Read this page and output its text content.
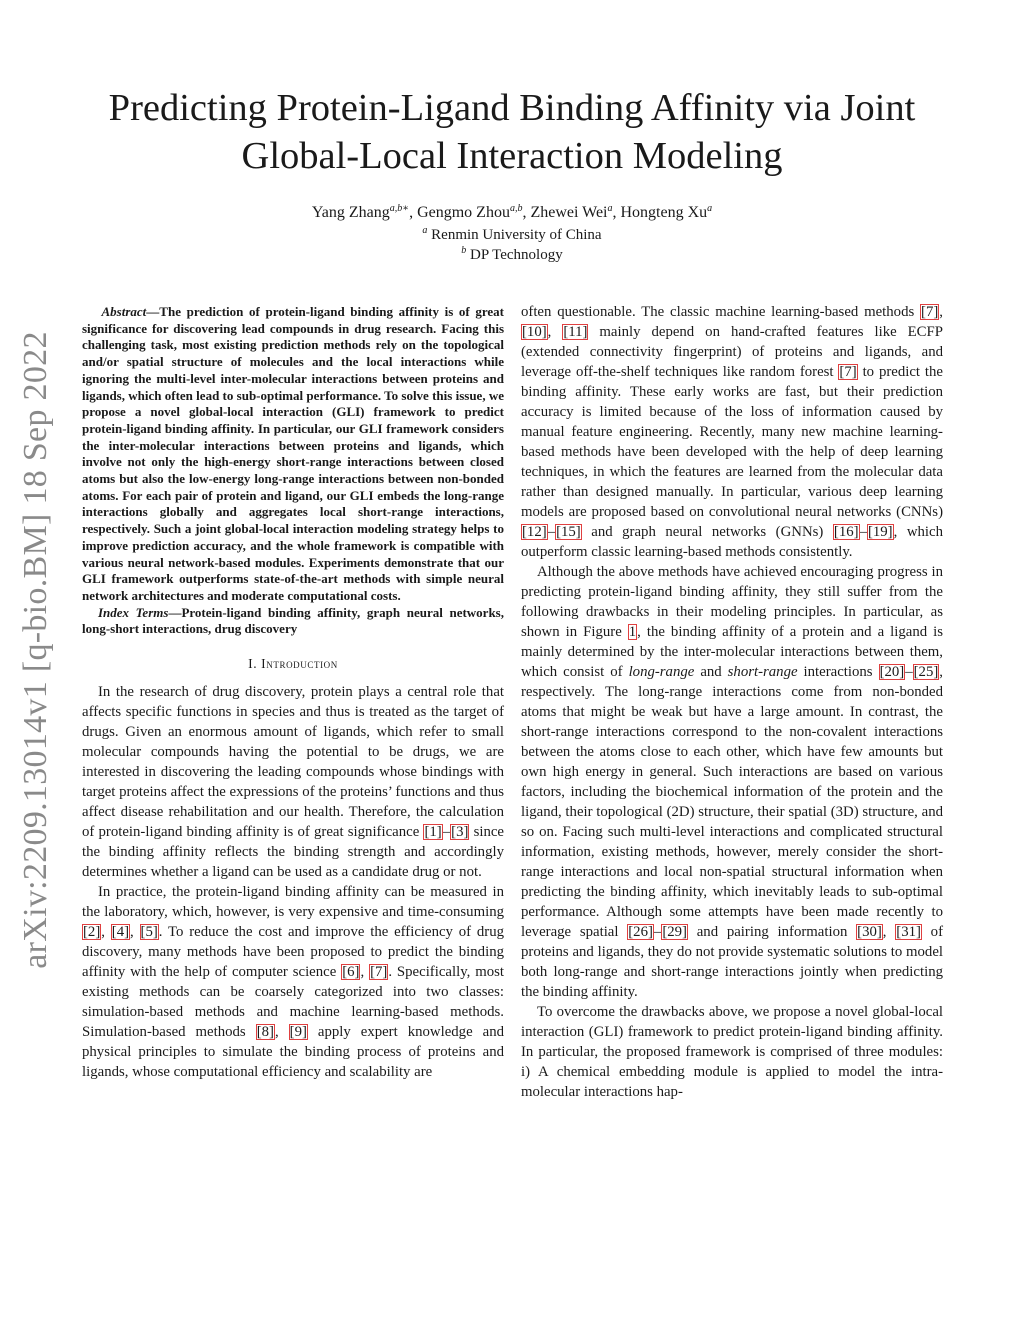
arXiv:2209.13014v1 [q-bio.BM] 18 Sep 2022
Predicting Protein-Ligand Binding Affinity via Joint
Global-Local Interaction Modeling
Yang Zhang$^{a,b∗}$, Gengmo Zhou$^{a,b}$, Zhewei Wei$^a$, Hongteng Xu$^a$
$^a$ Renmin University of China
$^b$ DP Technology

  Abstract—The prediction of protein-ligand binding affinity is of great significance for discovering lead compounds in drug research. Facing this challenging task, most existing prediction methods rely on the topological and/or spatial structure of molecules and the local interactions while ignoring the multi-level inter-molecular interactions between proteins and ligands, which often lead to sub-optimal performance. To solve this issue, we propose a novel global-local interaction (GLI) framework to predict protein-ligand binding affinity. In particular, our GLI framework considers the inter-molecular interactions between proteins and ligands, which involve not only the high-energy short-range interactions between closed atoms but also the low-energy long-range interactions between non-bonded atoms. For each pair of protein and ligand, our GLI embeds the long-range interactions globally and aggregates local short-range interactions, respectively. Such a joint global-local interaction modeling strategy helps to improve prediction accuracy, and the whole framework is compatible with various neural network-based modules. Experiments demonstrate that our GLI framework outperforms state-of-the-art methods with simple neural network architectures and moderate computational costs.

Index Terms—Protein-ligand binding affinity, graph neural networks, long-short interactions, drug discovery

I. Introduction

In the research of drug discovery, protein plays a central role that affects specific functions in species and thus is treated as the target of drugs. Given an enormous amount of ligands, which refer to small molecular compounds having the potential to be drugs, we are interested in discovering the leading compounds whose bindings with target proteins affect the expressions of the proteins’ functions and thus affect disease rehabilitation and our health. Therefore, the calculation of protein-ligand binding affinity is of great significance [1]–[3] since the binding affinity reflects the binding strength and accordingly determines whether a ligand can be used as a candidate drug or not.

In practice, the protein-ligand binding affinity can be measured in the laboratory, which, however, is very expensive and time-consuming [2], [4], [5]. To reduce the cost and improve the efficiency of drug discovery, many methods have been proposed to predict the binding affinity with the help of computer science [6], [7]. Specifically, most existing methods can be coarsely categorized into two classes: simulation-based methods and machine learning-based methods. Simulation-based methods [8], [9] apply expert knowledge and physical principles to simulate the binding process of proteins and ligands, whose computational efficiency and scalability are

often questionable. The classic machine learning-based methods [7], [10], [11] mainly depend on hand-crafted features like ECFP (extended connectivity fingerprint) of proteins and ligands, and leverage off-the-shelf techniques like random forest [7] to predict the binding affinity. These early works are fast, but their prediction accuracy is limited because of the loss of information caused by manual feature engineering. Recently, many new machine learning-based methods have been developed with the help of deep learning techniques, in which the features are learned from the molecular data rather than designed manually. In particular, various deep learning models are proposed based on convolutional neural networks (CNNs) [12]–[15] and graph neural networks (GNNs) [16]–[19], which outperform classic learning-based methods consistently.

Although the above methods have achieved encouraging progress in predicting protein-ligand binding affinity, they still suffer from the following drawbacks in their modeling principles. In particular, as shown in Figure 1, the binding affinity of a protein and a ligand is mainly determined by the inter-molecular interactions between them, which consist of long-range and short-range interactions [20]–[25], respectively. The long-range interactions come from non-bonded atoms that might be weak but have a large amount. In contrast, the short-range interactions correspond to the non-covalent interactions between the atoms close to each other, which have few amounts but own high energy in general. Such interactions are based on various factors, including the biochemical information of the protein and the ligand, their topological (2D) structure, their spatial (3D) structure, and so on. Facing such multi-level interactions and complicated structural information, existing methods, however, merely consider the short-range interactions and local non-spatial structural information when predicting the binding affinity, which inevitably leads to sub-optimal performance. Although some attempts have been made recently to leverage spatial [26]–[29] and pairing information [30], [31] of proteins and ligands, they do not provide systematic solutions to model both long-range and short-range interactions jointly when predicting the binding affinity.

To overcome the drawbacks above, we propose a novel global-local interaction (GLI) framework to predict protein-ligand binding affinity. In particular, the proposed framework is comprised of three modules: i) A chemical embedding module is applied to model the intra-molecular interactions hap-
